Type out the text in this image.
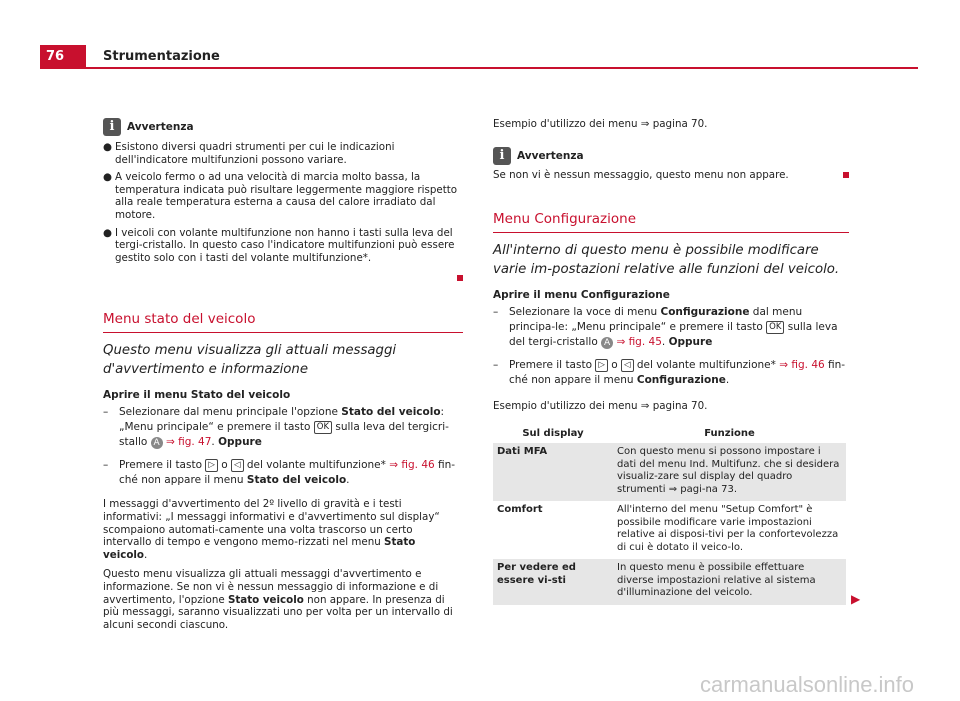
76	Strumentazione
i	Avvertenza
● Esistono diversi quadri strumenti per cui le indicazioni dell'indicatore multifunzioni possono variare.
● A veicolo fermo o ad una velocità di marcia molto bassa, la temperatura indicata può risultare leggermente maggiore rispetto alla reale temperatura esterna a causa del calore irradiato dal motore.
● I veicoli con volante multifunzione non hanno i tasti sulla leva del tergi-cristallo. In questo caso l'indicatore multifunzioni può essere gestito solo con i tasti del volante multifunzione*.

Menu stato del veicolo

Questo menu visualizza gli attuali messaggi d'avvertimento e informazione

Aprire il menu Stato del veicolo

–	Selezionare dal menu principale l'opzione Stato del veicolo: „Menu principale“ e premere il tasto OK sulla leva del tergicri-stallo A ⇒ fig. 47. Oppure
–	Premere il tasto ▷ o ◁ del volante multifunzione* ⇒ fig. 46 fin-ché non appare il menu Stato del veicolo.

I messaggi d'avvertimento del 2º livello di gravità e i testi informativi: „I messaggi informativi e d'avvertimento sul display“ scompaiono automati-camente una volta trascorso un certo intervallo di tempo e vengono memo-rizzati nel menu Stato veicolo.

Questo menu visualizza gli attuali messaggi d'avvertimento e informazione. Se non vi è nessun messaggio di informazione e di avvertimento, l'opzione Stato veicolo non appare. In presenza di più messaggi, saranno visualizzati uno per volta per un intervallo di alcuni secondi ciascuno.

Esempio d'utilizzo dei menu ⇒ pagina 70.

i	Avvertenza

Se non vi è nessun messaggio, questo menu non appare.

Menu Configurazione

All'interno di questo menu è possibile modificare varie im-postazioni relative alle funzioni del veicolo.

Aprire il menu Configurazione

–	Selezionare la voce di menu Configurazione dal menu principa-le: „Menu principale“ e premere il tasto OK sulla leva del tergi-cristallo A ⇒ fig. 45. Oppure
–	Premere il tasto ▷ o ◁ del volante multifunzione* ⇒ fig. 46 fin-ché non appare il menu Configurazione.

Esempio d'utilizzo dei menu ⇒ pagina 70.

Sul display	Funzione
Dati MFA	Con questo menu si possono impostare i dati del menu Ind. Multifunz. che si desidera visualiz-zare sul display del quadro strumenti ⇒ pagi-na 73.
Comfort	All'interno del menu "Setup Comfort" è possibile modificare varie impostazioni relative ai disposi-tivi per la confortevolezza di cui è dotato il veico-lo.
Per vedere ed essere vi-sti	In questo menu è possibile effettuare diverse impostazioni relative al sistema d'illuminazione del veicolo.	▶
carmanualsonline.info
